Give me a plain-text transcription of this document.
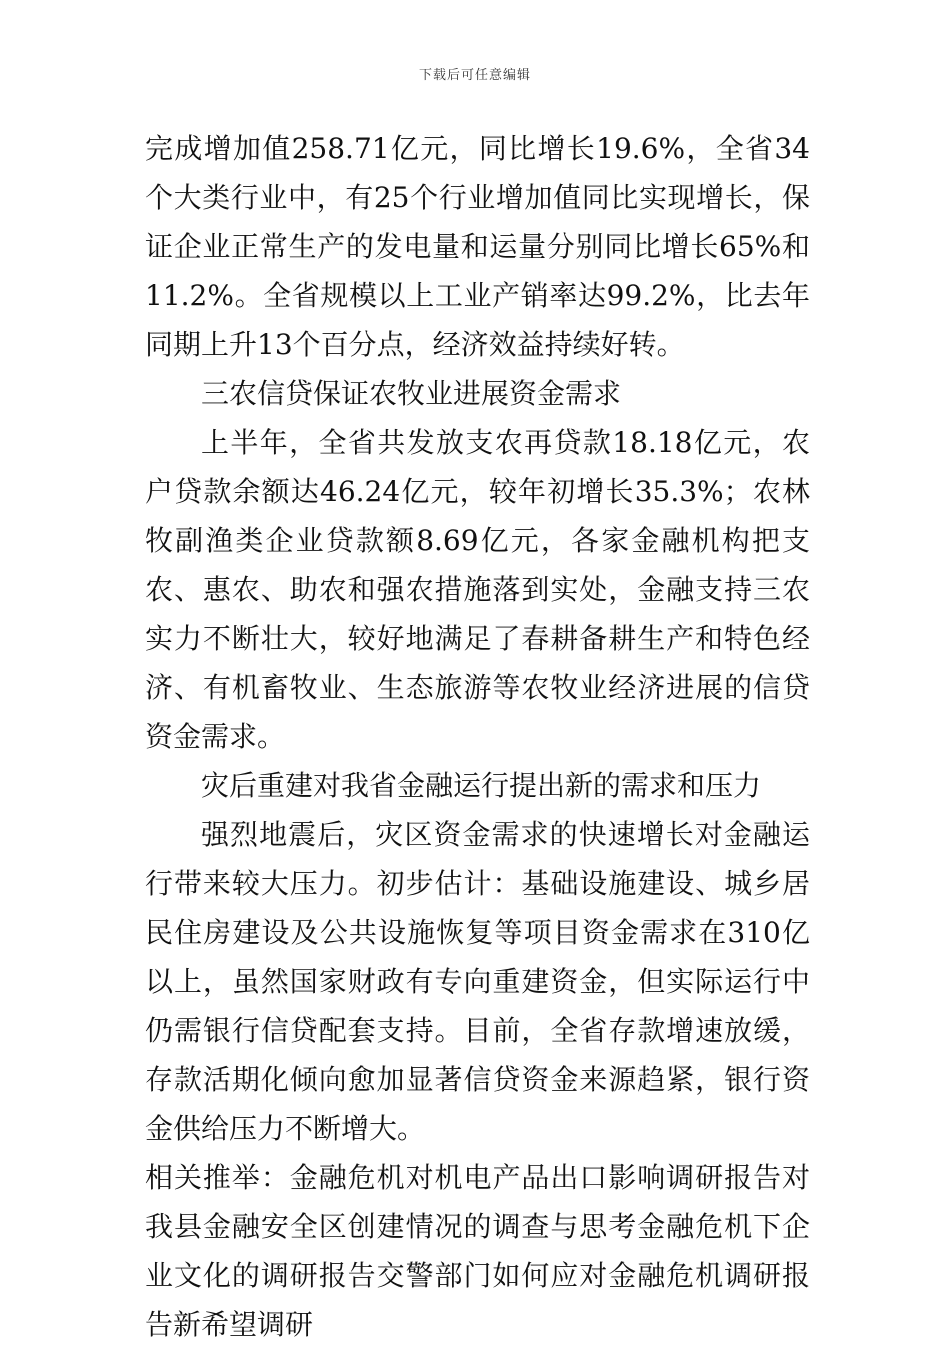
下载后可任意编辑

完成增加值258.71亿元，同比增长19.6%，全省34个大类行业中，有25个行业增加值同比实现增长，保证企业正常生产的发电量和运量分别同比增长65%和11.2%。全省规模以上工业产销率达99.2%，比去年同期上升13个百分点，经济效益持续好转。

三农信贷保证农牧业进展资金需求

上半年，全省共发放支农再贷款18.18亿元，农户贷款余额达46.24亿元，较年初增长35.3%；农林牧副渔类企业贷款额8.69亿元，各家金融机构把支农、惠农、助农和强农措施落到实处，金融支持三农实力不断壮大，较好地满足了春耕备耕生产和特色经济、有机畜牧业、生态旅游等农牧业经济进展的信贷资金需求。

灾后重建对我省金融运行提出新的需求和压力

强烈地震后，灾区资金需求的快速增长对金融运行带来较大压力。初步估计：基础设施建设、城乡居民住房建设及公共设施恢复等项目资金需求在310亿以上，虽然国家财政有专向重建资金，但实际运行中仍需银行信贷配套支持。目前，全省存款增速放缓，存款活期化倾向愈加显著信贷资金来源趋紧，银行资金供给压力不断增大。

相关推举：金融危机对机电产品出口影响调研报告对我县金融安全区创建情况的调查与思考金融危机下企业文化的调研报告交警部门如何应对金融危机调研报告新希望调研
